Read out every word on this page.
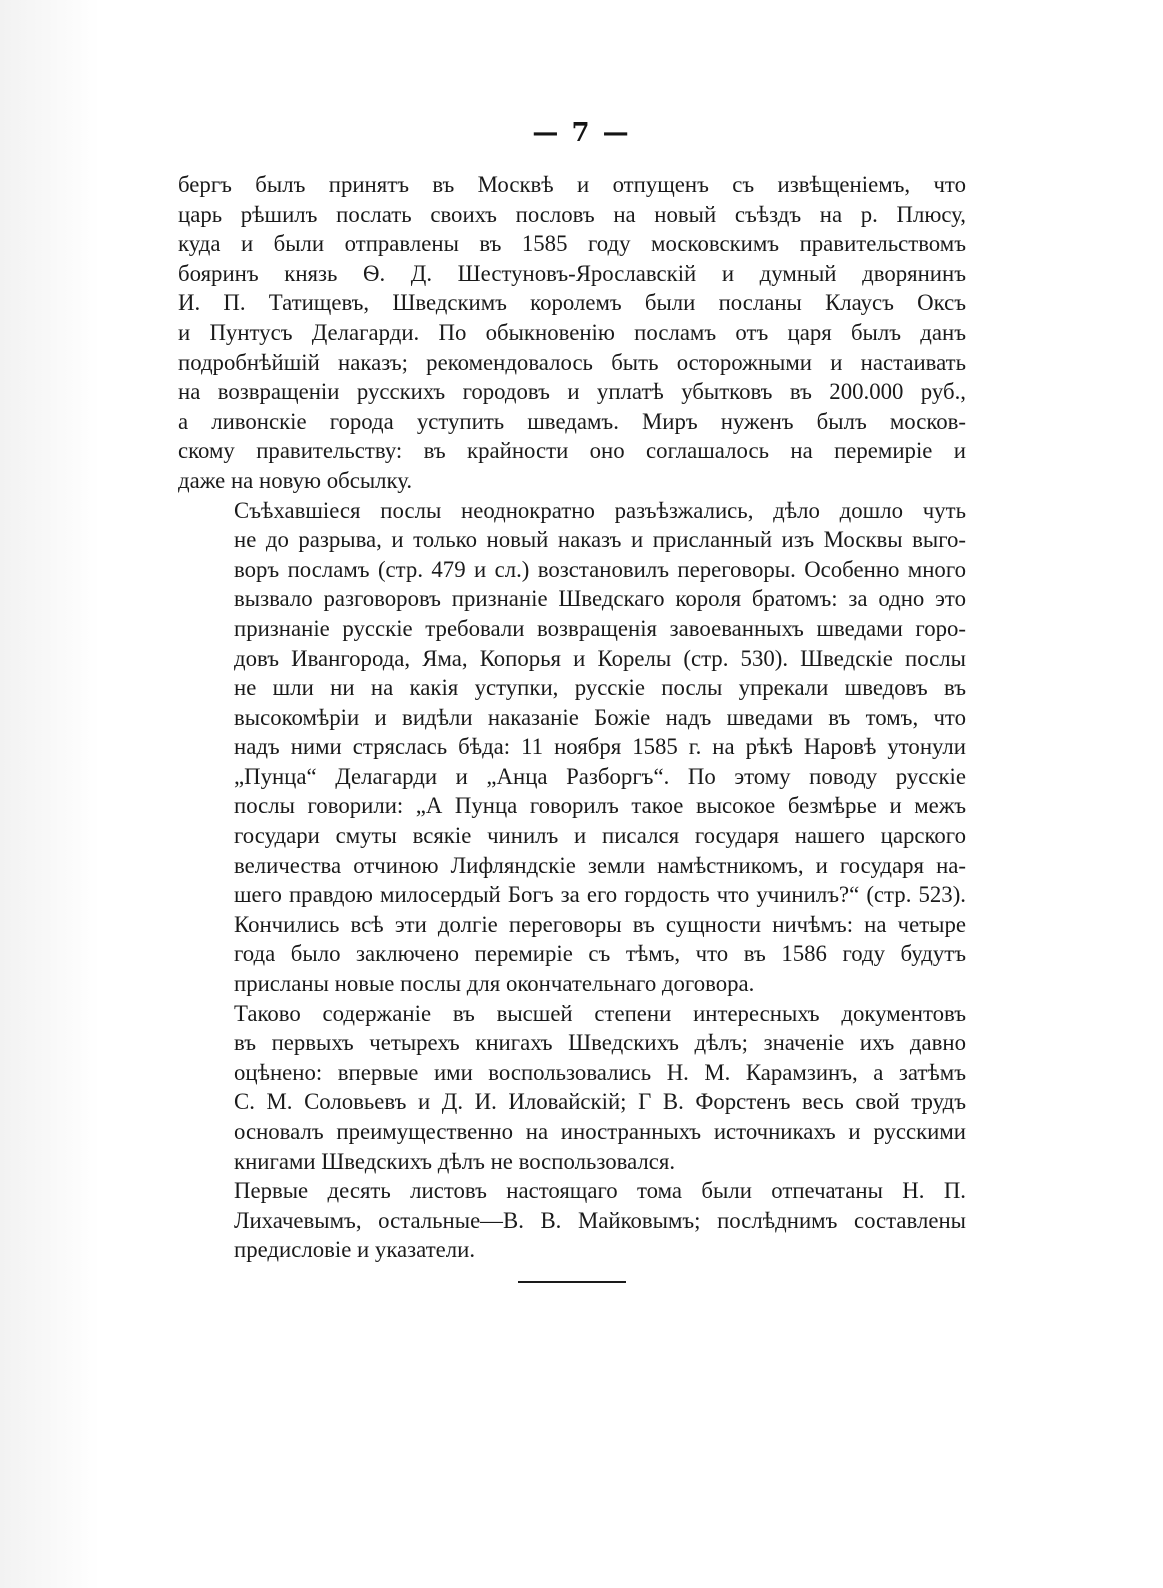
— 7 —

бергъ былъ принятъ въ Москвѣ и отпущенъ съ извѣщеніемъ, что
царь рѣшилъ послать своихъ пословъ на новый съѣздъ на р. Плюсу,
куда и были отправлены въ 1585 году московскимъ правительствомъ
бояринъ князь Ѳ. Д. Шестуновъ-Ярославскій и думный дворянинъ
И. П. Татищевъ, Шведскимъ королемъ были посланы Клаусъ Оксъ
и Пунтусъ Делагарди. По обыкновенію посламъ отъ царя былъ данъ
подробнѣйшій наказъ; рекомендовалось быть осторожными и настаивать
на возвращеніи русскихъ городовъ и уплатѣ убытковъ въ 200.000 руб.,
а ливонскіе города уступить шведамъ. Миръ нуженъ былъ москов-
скому правительству: въ крайности оно соглашалось на перемиріе и
даже на новую обсылку.

Съѣхавшіеся послы неоднократно разъѣзжались, дѣло дошло чуть
не до разрыва, и только новый наказъ и присланный изъ Москвы выго-
воръ посламъ (стр. 479 и сл.) возстановилъ переговоры. Особенно много
вызвало разговоровъ признаніе Шведскаго короля братомъ: за одно это
признаніе русскіе требовали возвращенія завоеванныхъ шведами горо-
довъ Ивангорода, Яма, Копорья и Корелы (стр. 530). Шведскіе послы
не шли ни на какія уступки, русскіе послы упрекали шведовъ въ
высокомѣріи и видѣли наказаніе Божіе надъ шведами въ томъ, что
надъ ними стряслась бѣда: 11 ноября 1585 г. на рѣкѣ Наровѣ утонули
„Пунца“ Делагарди и „Анца Разборгъ“. По этому поводу русскіе
послы говорили: „А Пунца говорилъ такое высокое безмѣрье и межъ
государи смуты всякіе чинилъ и писался государя нашего царского
величества отчиною Лифляндскіе земли намѣстникомъ, и государя на-
шего правдою милосердый Богъ за его гордость что учинилъ?“ (стр. 523).
Кончились всѣ эти долгіе переговоры въ сущности ничѣмъ: на четыре
года было заключено перемиріе съ тѣмъ, что въ 1586 году будутъ
присланы новые послы для окончательнаго договора.

Таково содержаніе въ высшей степени интересныхъ документовъ
въ первыхъ четырехъ книгахъ Шведскихъ дѣлъ; значеніе ихъ давно
оцѣнено: впервые ими воспользовались Н. М. Карамзинъ, а затѣмъ
С. М. Соловьевъ и Д. И. Иловайскій; Г В. Форстенъ весь свой трудъ
основалъ преимущественно на иностранныхъ источникахъ и русскими
книгами Шведскихъ дѣлъ не воспользовался.

Первые десять листовъ настоящаго тома были отпечатаны Н. П.
Лихачевымъ, остальные—В. В. Майковымъ; послѣднимъ составлены
предисловіе и указатели.
